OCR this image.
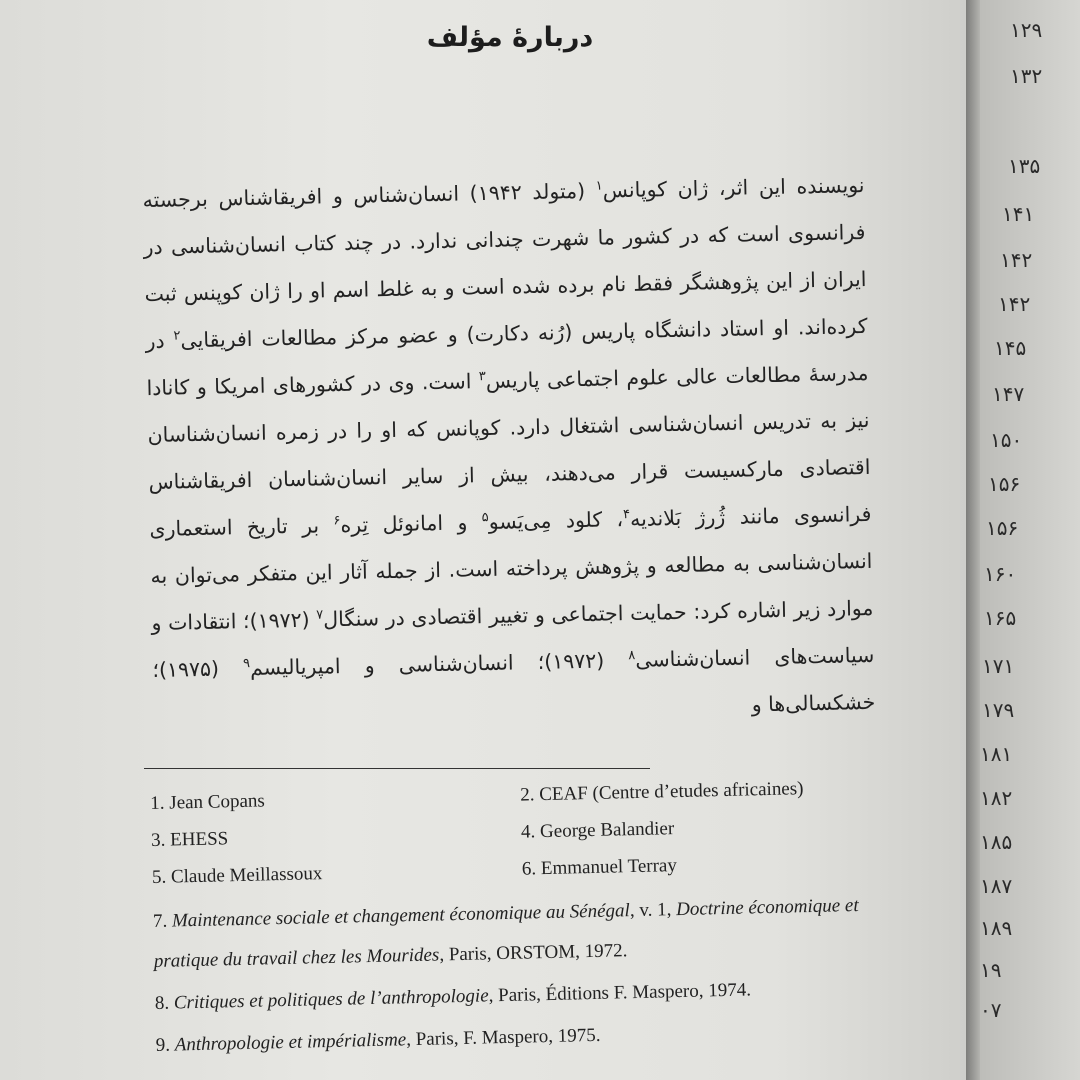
دربارهٔ مؤلف

نویسنده این اثر، ژان کوپانس$^۱$ (متولد ۱۹۴۲) انسان‌شناس و افریقاشناس برجسته فرانسوی است که در کشور ما شهرت چندانی ندارد. در چند کتاب انسان‌شناسی در ایران از این پژوهشگر فقط نام برده شده است و به غلط اسم او را ژان کوپنس ثبت کرده‌اند. او استاد دانشگاه پاریس (رُنه دکارت) و عضو مرکز مطالعات افریقایی$^۲$ در مدرسهٔ مطالعات عالی علوم اجتماعی پاریس$^۳$ است. وی در کشورهای امریکا و کانادا نیز به تدریس انسان‌شناسی اشتغال دارد. کوپانس که او را در زمره انسان‌شناسان اقتصادی مارکسیست قرار می‌دهند، بیش از سایر انسان‌شناسان افریقاشناس فرانسوی مانند ژُرژ بَلاندیه$^۴$، کلود مِی‌یَسو$^۵$ و امانوئل تِره$^۶$ بر تاریخ استعماری انسان‌شناسی به مطالعه و پژوهش پرداخته است. از جمله آثار این متفکر می‌توان به موارد زیر اشاره کرد: حمایت اجتماعی و تغییر اقتصادی در سنگال$^۷$ (۱۹۷۲)؛ انتقادات و سیاست‌های انسان‌شناسی$^۸$ (۱۹۷۲)؛ انسان‌شناسی و امپریالیسم$^۹$ (۱۹۷۵)؛ خشکسالی‌ها و

1. Jean Copans	2. CEAF (Centre d’etudes africaines)
3. EHESS	4. George Balandier
5. Claude Meillassoux	6. Emmanuel Terray
7. Maintenance sociale et changement économique au Sénégal, v. 1, Doctrine économique et pratique du travail chez les Mourides, Paris, ORSTOM, 1972.
8. Critiques et politiques de l’anthropologie, Paris, Éditions F. Maspero, 1974.
9. Anthropologie et impérialisme, Paris, F. Maspero, 1975.
۱۲۹
۱۳۲
۱۳۵
۱۴۱
۱۴۲
۱۴۲
۱۴۵
۱۴۷
۱۵۰
۱۵۶
۱۵۶
۱۶۰
۱۶۵
۱۷۱
۱۷۹
۱۸۱
۱۸۲
۱۸۵
۱۸۷
۱۸۹
۱۹
۰۷
